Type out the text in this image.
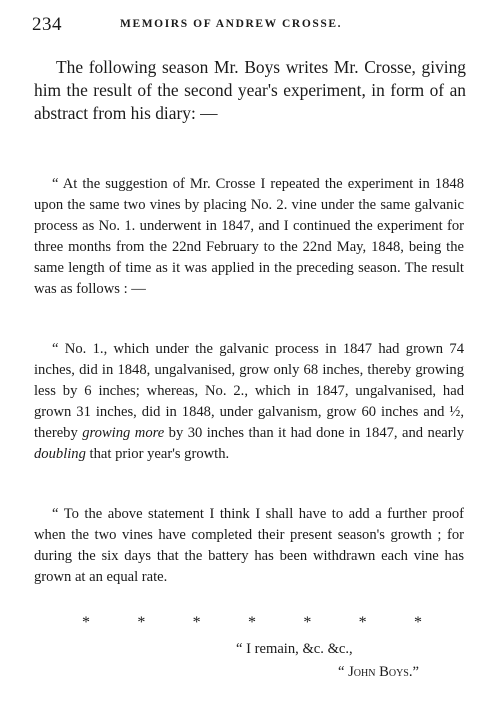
234	MEMOIRS OF ANDREW CROSSE.

The following season Mr. Boys writes Mr. Crosse, giving him the result of the second year's experiment, in form of an abstract from his diary: —

“ At the suggestion of Mr. Crosse I repeated the experiment in 1848 upon the same two vines by placing No. 2. vine under the same galvanic process as No. 1. underwent in 1847, and I continued the experiment for three months from the 22nd February to the 22nd May, 1848, being the same length of time as it was applied in the preceding season. The result was as follows : —

“ No. 1., which under the galvanic process in 1847 had grown 74 inches, did in 1848, ungalvanised, grow only 68 inches, thereby growing less by 6 inches; whereas, No. 2., which in 1847, ungalvanised, had grown 31 inches, did in 1848, under galvanism, grow 60 inches and ½, thereby growing more by 30 inches than it had done in 1847, and nearly doubling that prior year's growth.

“ To the above statement I think I shall have to add a further proof when the two vines have completed their present season's growth ; for during the six days that the battery has been withdrawn each vine has grown at an equal rate.

*	*	*	*	*	*	*
“ I remain, &c. &c.,
“ John Boys.”
